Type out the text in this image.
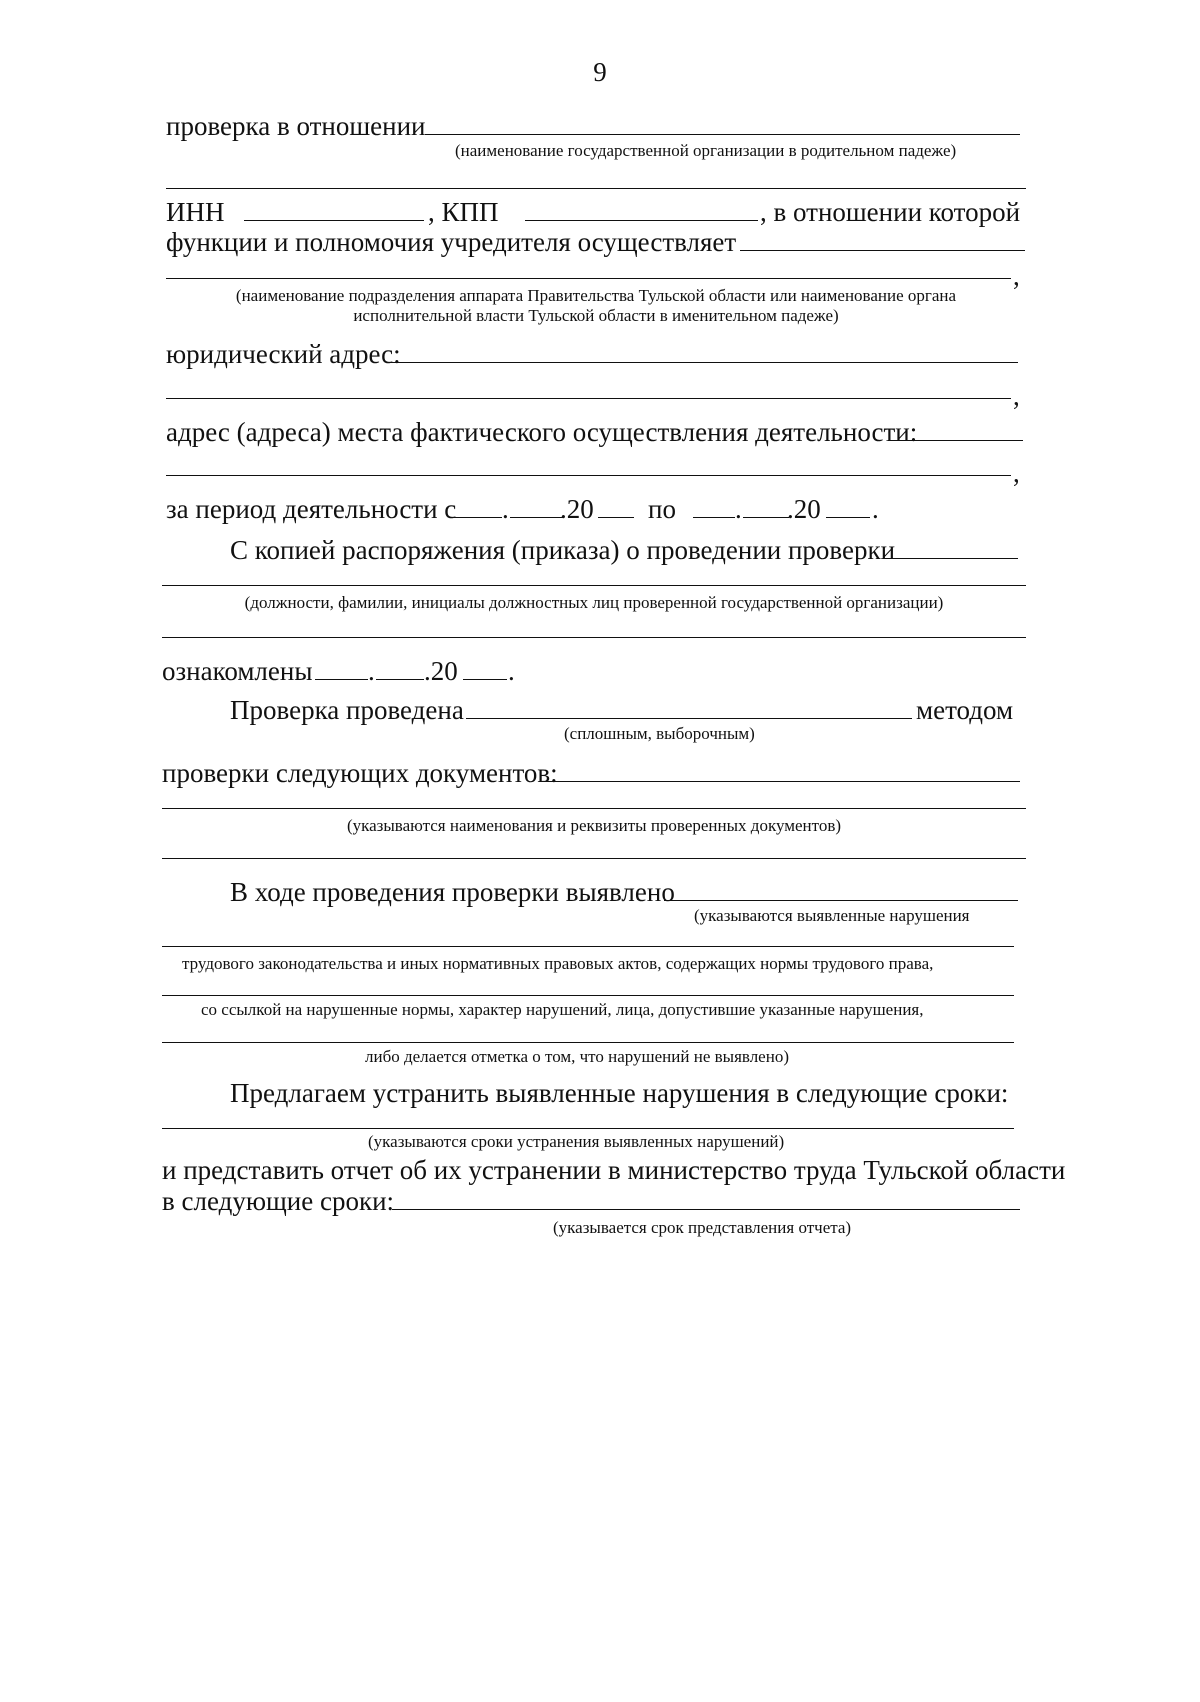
9
проверка в отношении
(наименование государственной организации в родительном падеже)
ИНН	, КПП	, в отношении которой
функции и полномочия учредителя осуществляет
,
(наименование подразделения аппарата Правительства Тульской области или наименование органа
исполнительной власти Тульской области в именительном падеже)
юридический адрес:
,
адрес (адреса) места фактического осуществления деятельности:
,
за период деятельности с . .20 по . .20 .
С копией распоряжения (приказа) о проведении проверки
(должности, фамилии, инициалы должностных лиц проверенной государственной организации)
ознакомлены . .20 .
Проверка проведена	методом
(сплошным, выборочным)
проверки следующих документов:
(указываются наименования и реквизиты проверенных документов)
В ходе проведения проверки выявлено
(указываются выявленные нарушения
трудового законодательства и иных нормативных правовых актов, содержащих нормы трудового права,
со ссылкой на нарушенные нормы, характер нарушений, лица, допустившие указанные нарушения,
либо делается отметка о том, что нарушений не выявлено)
Предлагаем устранить выявленные нарушения в следующие сроки:
(указываются сроки устранения выявленных нарушений)
и представить отчет об их устранении в министерство труда Тульской области
в следующие сроки:
(указывается срок представления отчета)
